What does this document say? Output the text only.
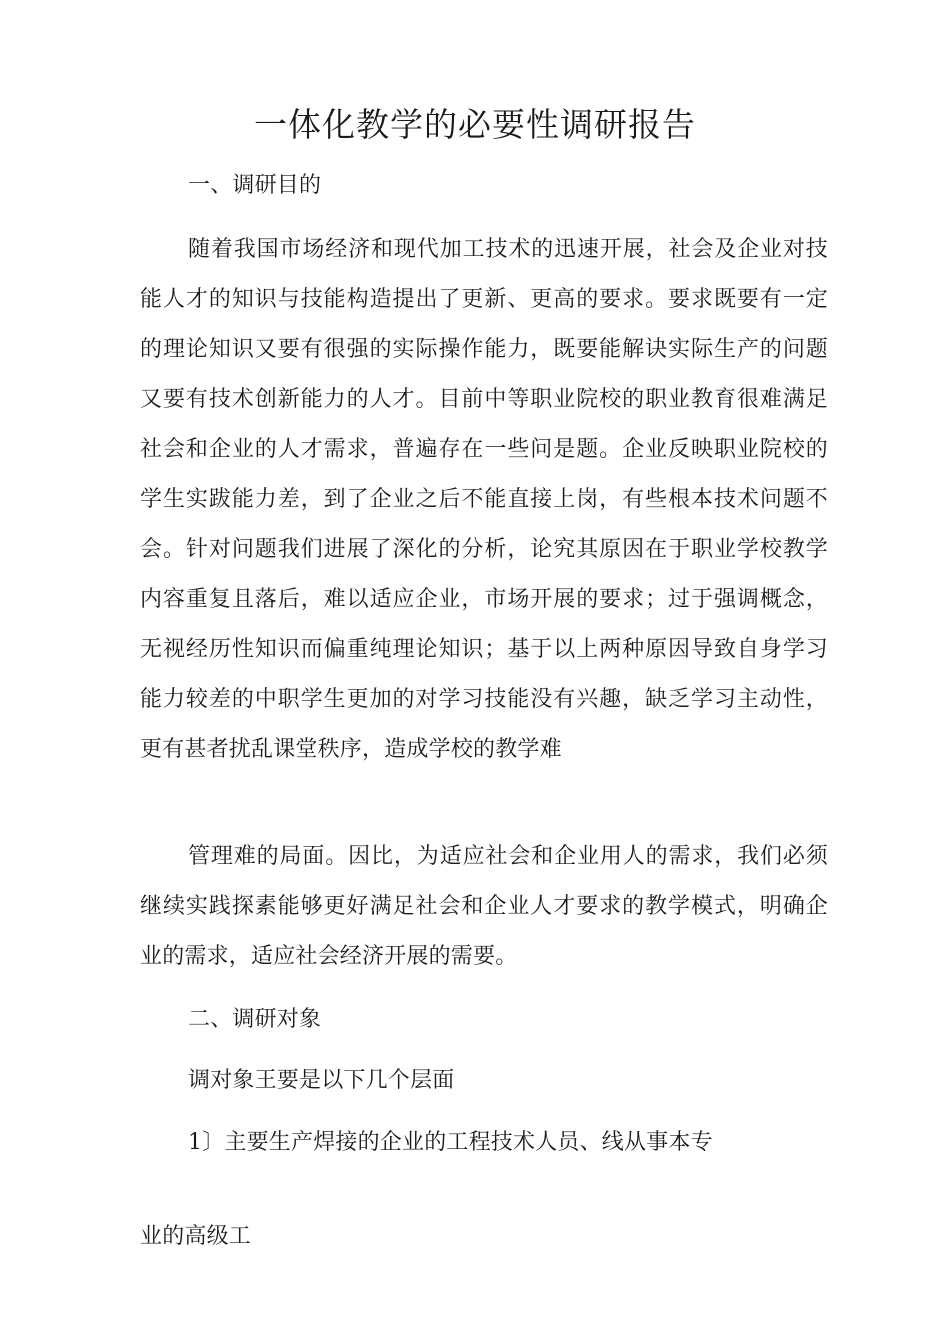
一体化教学的必要性调研报告

一、调研目的

随着我国市场经济和现代加工技术的迅速开展，社会及企业对技能人才的知识与技能构造提出了更新、更高的要求。要求既要有一定的理论知识又要有很强的实际操作能力，既要能解诀实际生产的问题又要有技术创新能力的人才。目前中等职业院校的职业教育很难满足社会和企业的人才需求，普遍存在一些问是题。企业反映职业院校的学生实跋能力差，到了企业之后不能直接上岗，有些根本技术问题不会。针对问题我们进展了深化的分析，论究其原因在于职业学校教学内容重复且落后，难以适应企业，市场开展的要求；过于强调概念，无视经历性知识而偏重纯理论知识；基于以上两种原因导致自身学习能力较差的中职学生更加的对学习技能没有兴趣，缺乏学习主动性，更有甚者扰乱课堂秩序，造成学校的教学难

管理难的局面。因比，为适应社会和企业用人的需求，我们必须继续实践探素能够更好满足社会和企业人才要求的教学模式，明确企业的需求，适应社会经济开展的需要。

二、调研对象

调对象王要是以下几个层面

1〕主要生产焊接的企业的工程技术人员、线从事本专

业的高级工
